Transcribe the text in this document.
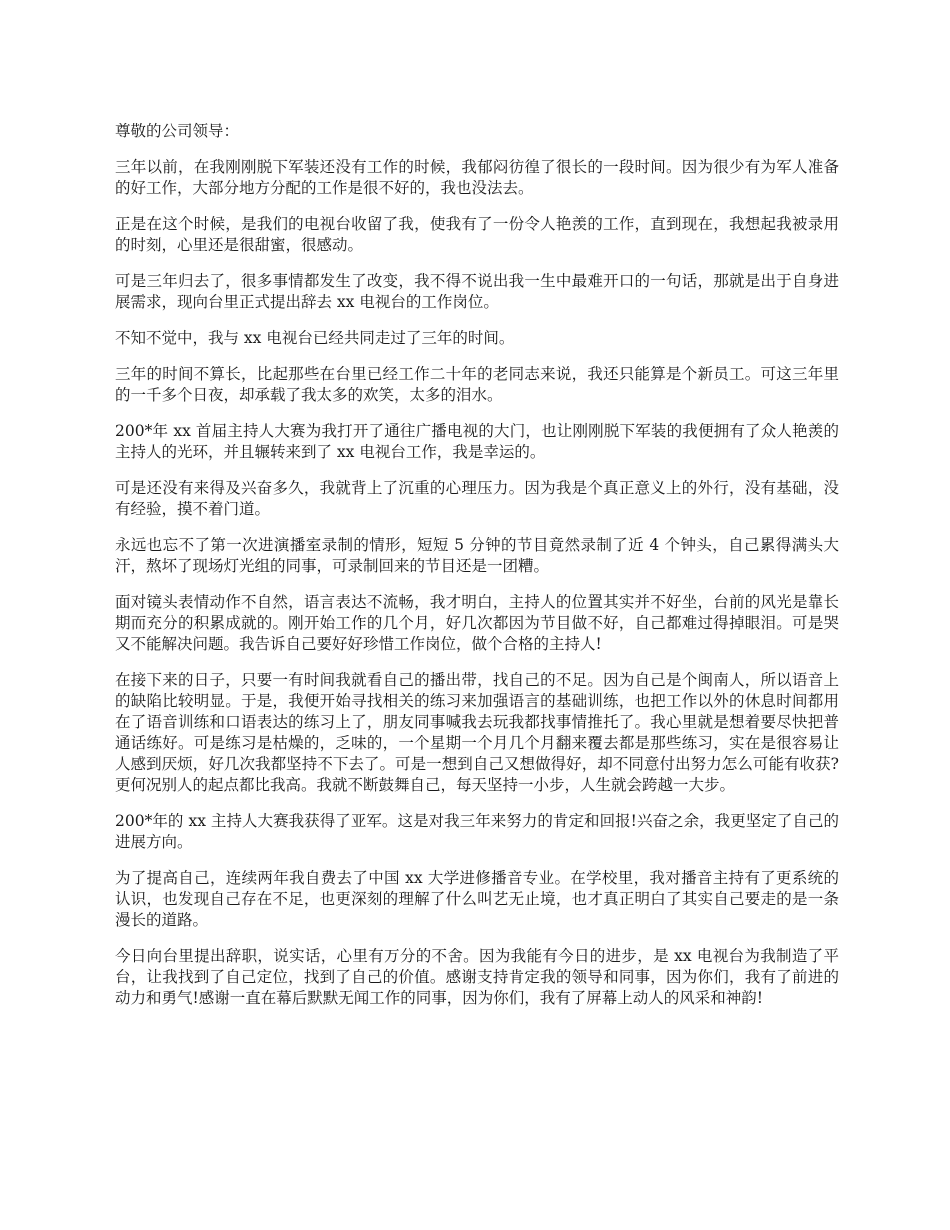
尊敬的公司领导：

三年以前，在我刚刚脱下军装还没有工作的时候，我郁闷彷徨了很长的一段时间。因为很少有为军人准备的好工作，大部分地方分配的工作是很不好的，我也没法去。

正是在这个时候，是我们的电视台收留了我，使我有了一份令人艳羡的工作，直到现在，我想起我被录用的时刻，心里还是很甜蜜，很感动。

可是三年归去了，很多事情都发生了改变，我不得不说出我一生中最难开口的一句话，那就是出于自身进展需求，现向台里正式提出辞去 xx 电视台的工作岗位。

不知不觉中，我与 xx 电视台已经共同走过了三年的时间。

三年的时间不算长，比起那些在台里已经工作二十年的老同志来说，我还只能算是个新员工。可这三年里的一千多个日夜，却承载了我太多的欢笑，太多的泪水。

200*年 xx 首届主持人大赛为我打开了通往广播电视的大门，也让刚刚脱下军装的我便拥有了众人艳羡的主持人的光环，并且辗转来到了 xx 电视台工作，我是幸运的。

可是还没有来得及兴奋多久，我就背上了沉重的心理压力。因为我是个真正意义上的外行，没有基础，没有经验，摸不着门道。

永远也忘不了第一次进演播室录制的情形，短短 5 分钟的节目竟然录制了近 4 个钟头，自己累得满头大汗，熬坏了现场灯光组的同事，可录制回来的节目还是一团糟。

面对镜头表情动作不自然，语言表达不流畅，我才明白，主持人的位置其实并不好坐，台前的风光是靠长期而充分的积累成就的。刚开始工作的几个月，好几次都因为节目做不好，自己都难过得掉眼泪。可是哭又不能解决问题。我告诉自己要好好珍惜工作岗位，做个合格的主持人!

在接下来的日子，只要一有时间我就看自己的播出带，找自己的不足。因为自己是个闽南人，所以语音上的缺陷比较明显。于是，我便开始寻找相关的练习来加强语言的基础训练，也把工作以外的休息时间都用在了语音训练和口语表达的练习上了，朋友同事喊我去玩我都找事情推托了。我心里就是想着要尽快把普通话练好。可是练习是枯燥的，乏味的，一个星期一个月几个月翻来覆去都是那些练习，实在是很容易让人感到厌烦，好几次我都坚持不下去了。可是一想到自己又想做得好，却不同意付出努力怎么可能有收获?更何况别人的起点都比我高。我就不断鼓舞自己，每天坚持一小步，人生就会跨越一大步。

200*年的 xx 主持人大赛我获得了亚军。这是对我三年来努力的肯定和回报!兴奋之余，我更坚定了自己的进展方向。

为了提高自己，连续两年我自费去了中国 xx 大学进修播音专业。在学校里，我对播音主持有了更系统的认识，也发现自己存在不足，也更深刻的理解了什么叫艺无止境，也才真正明白了其实自己要走的是一条漫长的道路。

今日向台里提出辞职，说实话，心里有万分的不舍。因为我能有今日的进步，是 xx 电视台为我制造了平台，让我找到了自己定位，找到了自己的价值。感谢支持肯定我的领导和同事，因为你们，我有了前进的动力和勇气!感谢一直在幕后默默无闻工作的同事，因为你们，我有了屏幕上动人的风采和神韵!
